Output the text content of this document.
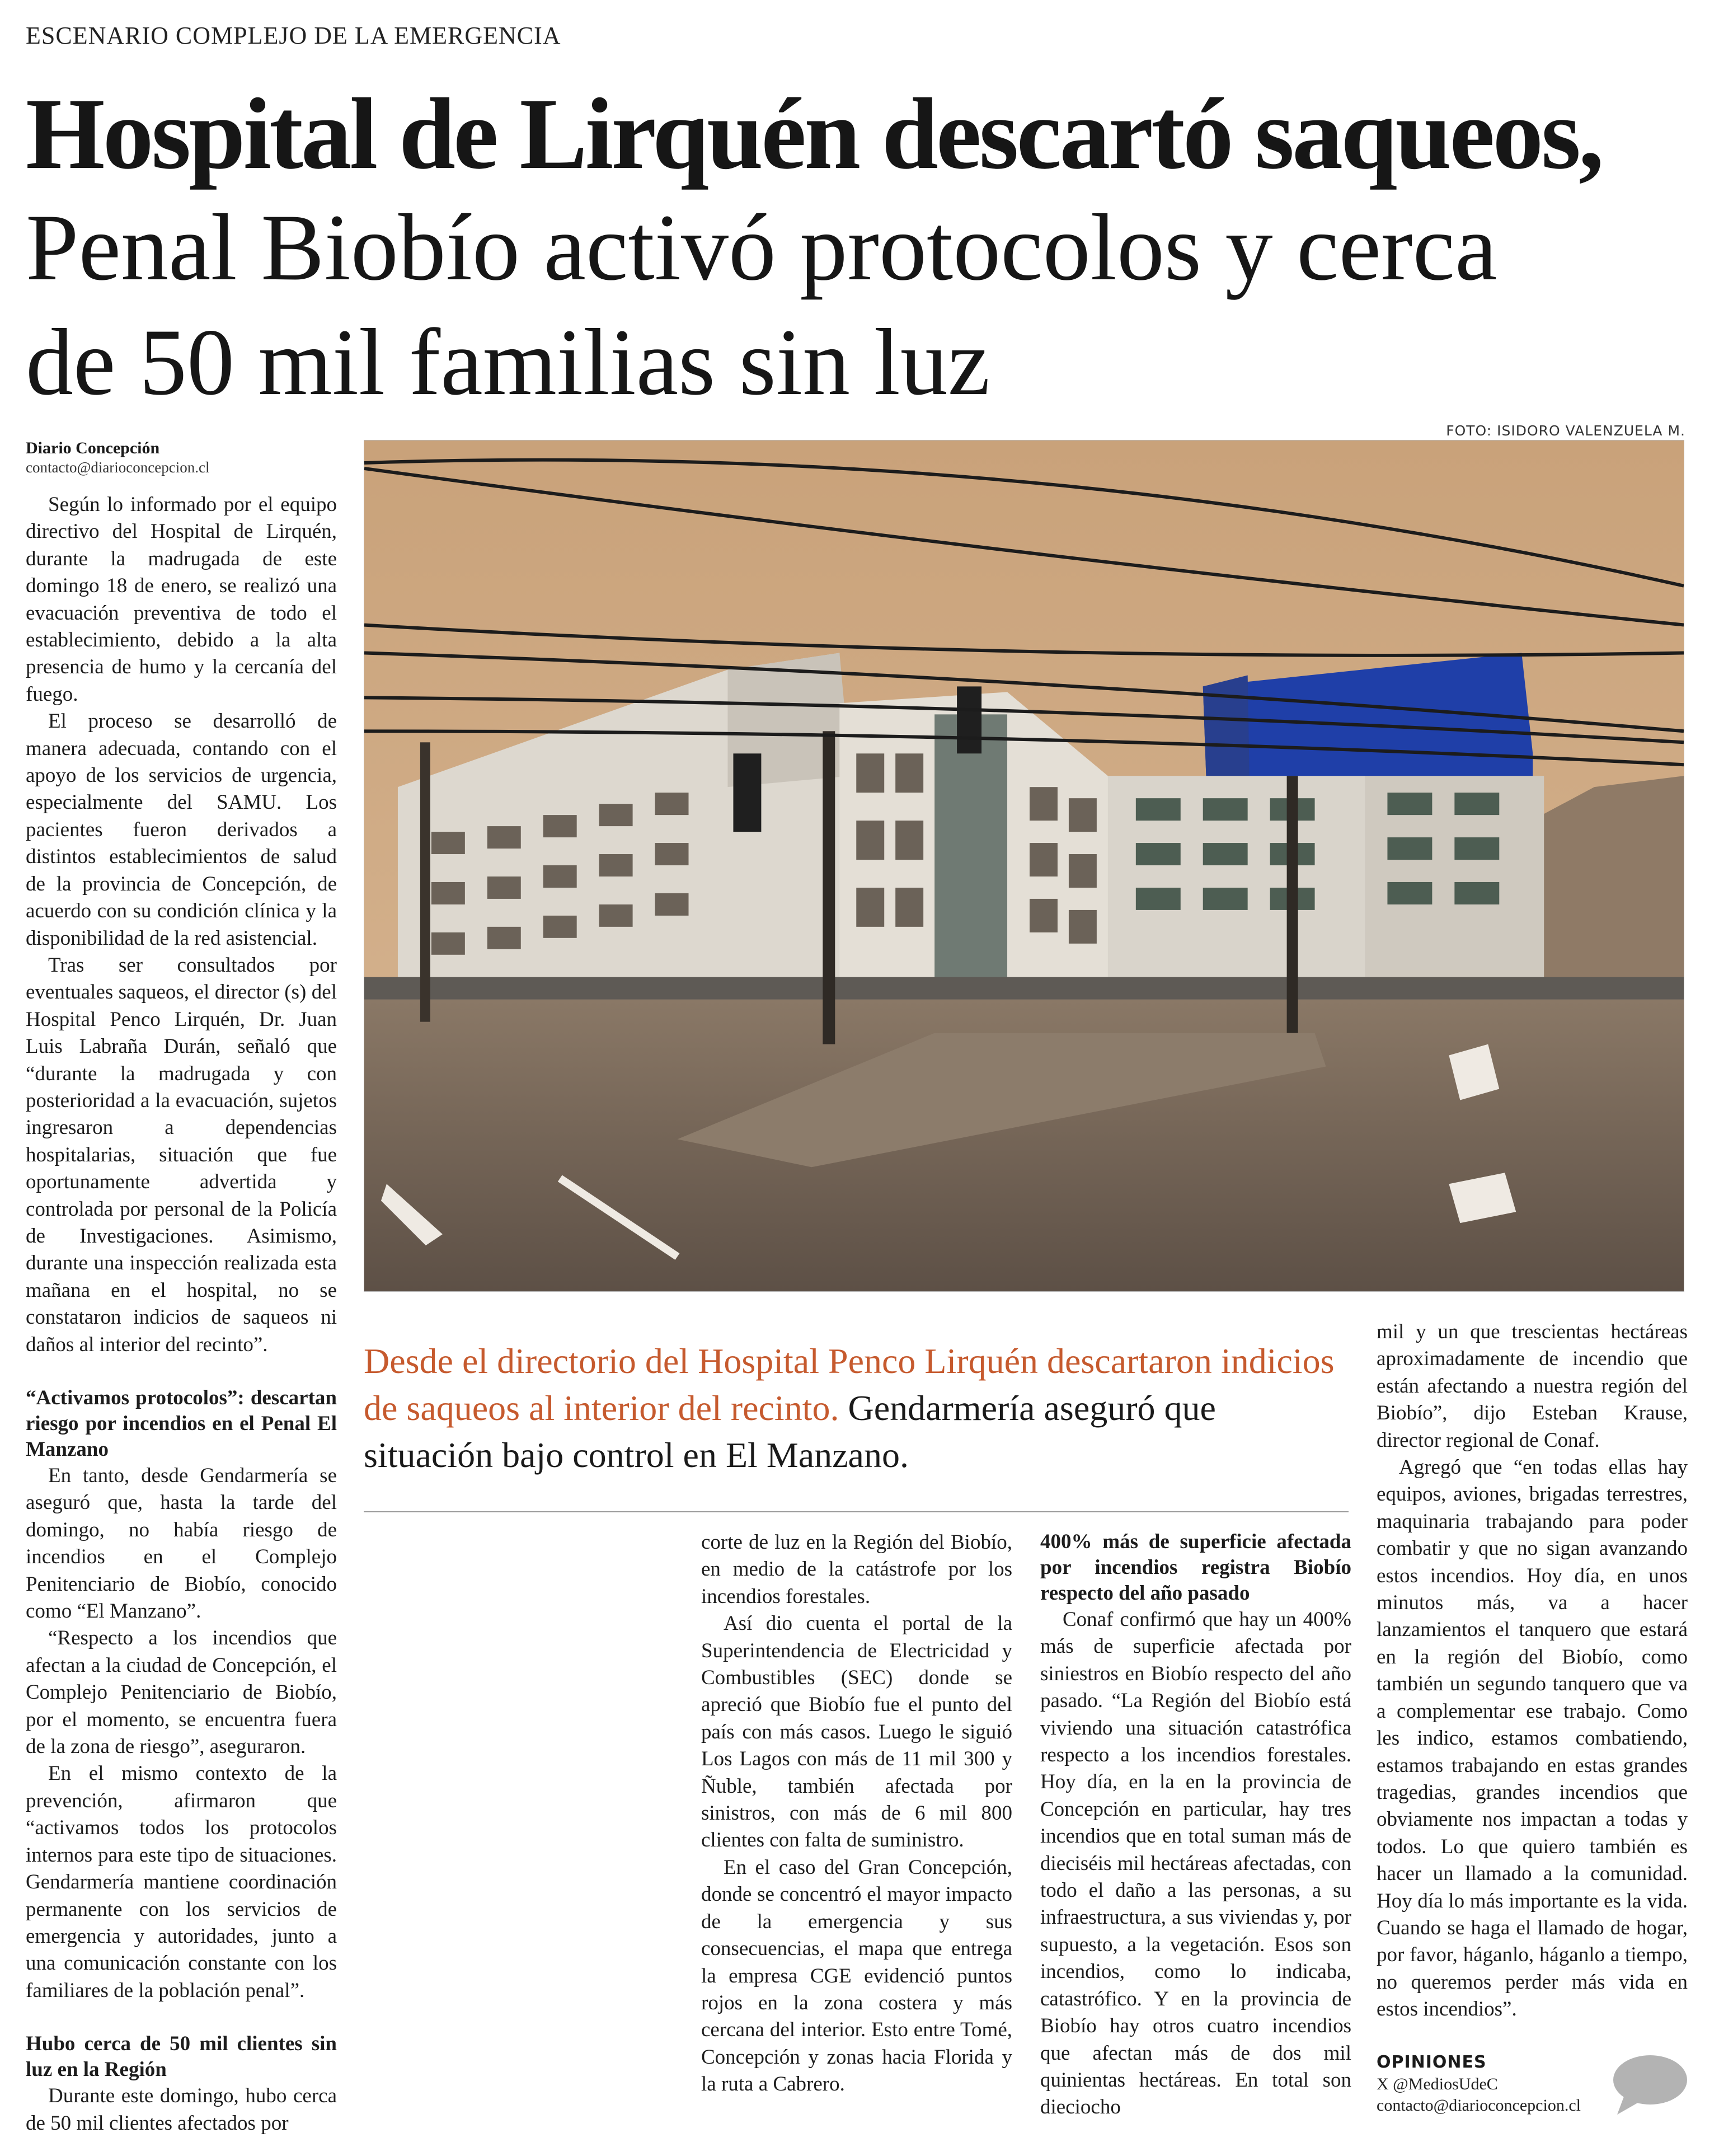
ESCENARIO COMPLEJO DE LA EMERGENCIA
Hospital de Lirquén descartó saqueos,
Penal Biobío activó protocolos y cerca
de 50 mil familias sin luz
FOTO: ISIDORO VALENZUELA M.
Diario Concepción
contacto@diarioconcepcion.cl

Según lo informado por el equipo directivo del Hospital de Lirquén, durante la madrugada de este domingo 18 de enero, se realizó una evacuación preventiva de todo el establecimiento, debido a la alta presencia de humo y la cercanía del fuego.

El proceso se desarrolló de manera adecuada, contando con el apoyo de los servicios de urgencia, especialmente del SAMU. Los pacientes fueron derivados a distintos establecimientos de salud de la provincia de Concepción, de acuerdo con su condición clínica y la disponibilidad de la red asistencial.

Tras ser consultados por eventuales saqueos, el director (s) del Hospital Penco Lirquén, Dr. Juan Luis Labraña Durán, señaló que “durante la madrugada y con posterioridad a la evacuación, sujetos ingresaron a dependencias hospitalarias, situación que fue oportunamente advertida y controlada por personal de la Policía de Investigaciones. Asimismo, durante una inspección realizada esta mañana en el hospital, no se constataron indicios de saqueos ni daños al interior del recinto”.

“Activamos protocolos”: descartan riesgo por incendios en el Penal El Manzano

En tanto, desde Gendarmería se aseguró que, hasta la tarde del domingo, no había riesgo de incendios en el Complejo Penitenciario de Biobío, conocido como “El Manzano”.

“Respecto a los incendios que afectan a la ciudad de Concepción, el Complejo Penitenciario de Biobío, por el momento, se encuentra fuera de la zona de riesgo”, aseguraron.

En el mismo contexto de la prevención, afirmaron que “activamos todos los protocolos internos para este tipo de situaciones. Gendarmería mantiene coordinación permanente con los servicios de emergencia y autoridades, junto a una comunicación constante con los familiares de la población penal”.

Hubo cerca de 50 mil clientes sin luz en la Región

Durante este domingo, hubo cerca de 50 mil clientes afectados por

Desde el directorio del Hospital Penco Lirquén descartaron indicios de saqueos al interior del recinto. Gendarmería aseguró que situación bajo control en El Manzano.

corte de luz en la Región del Biobío, en medio de la catástrofe por los incendios forestales.

Así dio cuenta el portal de la Superintendencia de Electricidad y Combustibles (SEC) donde se apreció que Biobío fue el punto del país con más casos. Luego le siguió Los Lagos con más de 11 mil 300 y Ñuble, también afectada por sinistros, con más de 6 mil 800 clientes con falta de suministro.

En el caso del Gran Concepción, donde se concentró el mayor impacto de la emergencia y sus consecuencias, el mapa que entrega la empresa CGE evidenció puntos rojos en la zona costera y más cercana del interior. Esto entre Tomé, Concepción y zonas hacia Florida y la ruta a Cabrero.

400% más de superficie afectada por incendios registra Biobío respecto del año pasado

Conaf confirmó que hay un 400% más de superficie afectada por siniestros en Biobío respecto del año pasado. “La Región del Biobío está viviendo una situación catastrófica respecto a los incendios forestales. Hoy día, en la en la provincia de Concepción en particular, hay tres incendios que en total suman más de dieciséis mil hectáreas afectadas, con todo el daño a las personas, a su infraestructura, a sus viviendas y, por supuesto, a la vegetación. Esos son incendios, como lo indicaba, catastrófico. Y en la provincia de Biobío hay otros cuatro incendios que afectan más de dos mil quinientas hectáreas. En total son dieciocho

mil y un que trescientas hectáreas aproximadamente de incendio que están afectando a nuestra región del Biobío”, dijo Esteban Krause, director regional de Conaf.

Agregó que “en todas ellas hay equipos, aviones, brigadas terrestres, maquinaria trabajando para poder combatir y que no sigan avanzando estos incendios. Hoy día, en unos minutos más, va a hacer lanzamientos el tanquero que estará en la región del Biobío, como también un segundo tanquero que va a complementar ese trabajo. Como les indico, estamos combatiendo, estamos trabajando en estas grandes tragedias, grandes incendios que obviamente nos impactan a todas y todos. Lo que quiero también es hacer un llamado a la comunidad. Hoy día lo más importante es la vida. Cuando se haga el llamado de hogar, por favor, háganlo, háganlo a tiempo, no queremos perder más vida en estos incendios”.

OPINIONES
X @MediosUdeC
contacto@diarioconcepcion.cl
